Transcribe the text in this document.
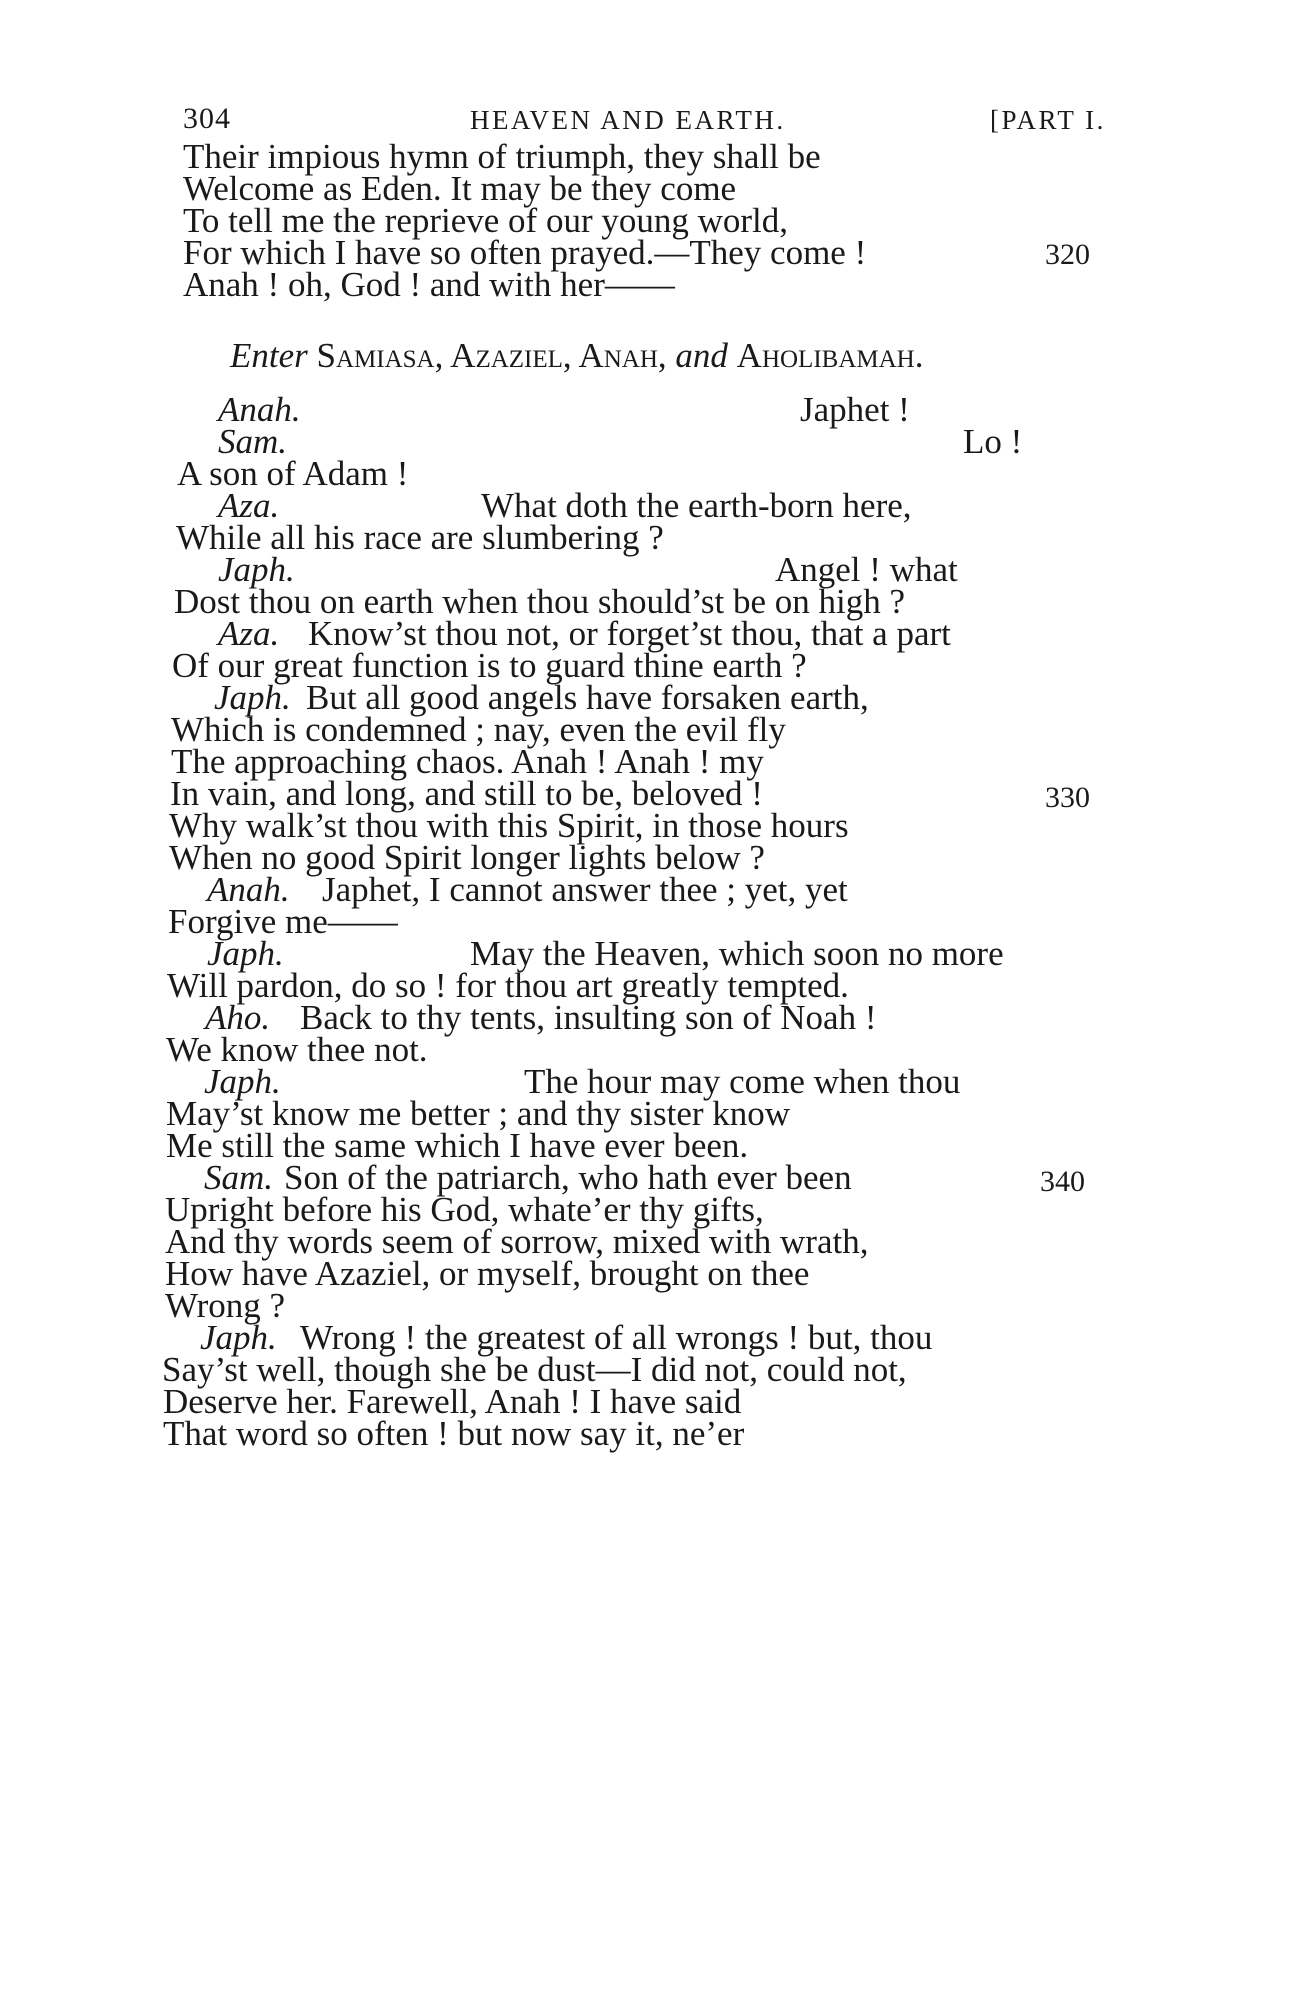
304	HEAVEN AND EARTH.	[PART I.
Their impious hymn of triumph, they shall be
Welcome as Eden. It may be they come
To tell me the reprieve of our young world,
For which I have so often prayed.—They come !	320
Anah ! oh, God ! and with her——
Enter Samiasa, Azaziel, Anah, and Aholibamah.
Anah.	Japhet !
Sam.	Lo !
A son of Adam !
Aza.	What doth the earth-born here,
While all his race are slumbering ?
Japh.	Angel ! what
Dost thou on earth when thou should’st be on high ?
Aza. Know’st thou not, or forget’st thou, that a part
Of our great function is to guard thine earth ?
Japh. But all good angels have forsaken earth,
Which is condemned ; nay, even the evil fly
The approaching chaos. Anah ! Anah ! my
In vain, and long, and still to be, beloved !	330
Why walk’st thou with this Spirit, in those hours
When no good Spirit longer lights below ?
Anah. Japhet, I cannot answer thee ; yet, yet
Forgive me——
Japh.	May the Heaven, which soon no more
Will pardon, do so ! for thou art greatly tempted.
Aho. Back to thy tents, insulting son of Noah !
We know thee not.
Japh.	The hour may come when thou
May’st know me better ; and thy sister know
Me still the same which I have ever been.
Sam. Son of the patriarch, who hath ever been	340
Upright before his God, whate’er thy gifts,
And thy words seem of sorrow, mixed with wrath,
How have Azaziel, or myself, brought on thee
Wrong ?
Japh. Wrong ! the greatest of all wrongs ! but, thou
Say’st well, though she be dust—I did not, could not,
Deserve her. Farewell, Anah ! I have said
That word so often ! but now say it, ne’er
